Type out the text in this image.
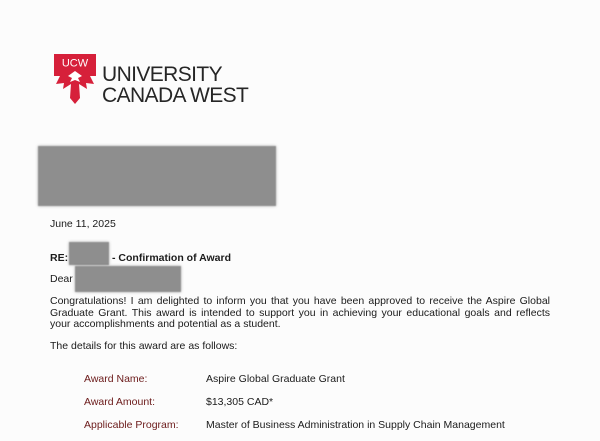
UCW UNIVERSITY
CANADA WEST
June 11, 2025
RE:	- Confirmation of Award
Dear
Congratulations! I am delighted to inform you that you have been approved to receive the Aspire Global Graduate Grant. This award is intended to support you in achieving your educational goals and reflects your accomplishments and potential as a student.
The details for this award are as follows:
Award Name:	Aspire Global Graduate Grant
Award Amount:	$13,305 CAD*
Applicable Program:	Master of Business Administration in Supply Chain Management
